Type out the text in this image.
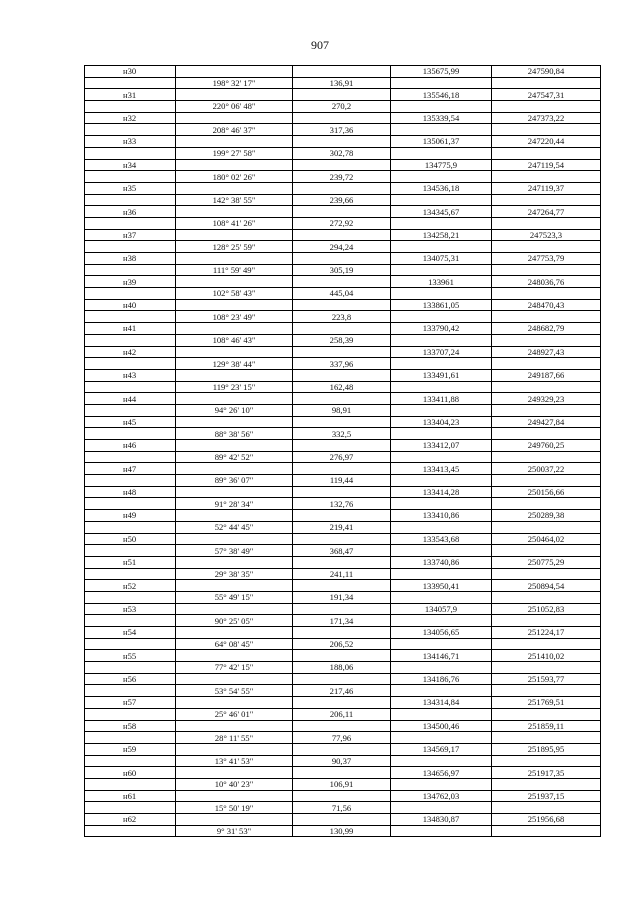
907
н30			135675,99	247590,84
	198° 32' 17"	136,91		
н31			135546,18	247547,31
	220° 06' 48"	270,2		
н32			135339,54	247373,22
	208° 46' 37"	317,36		
н33			135061,37	247220,44
	199° 27' 58"	302,78		
н34			134775,9	247119,54
	180° 02' 26"	239,72		
н35			134536,18	247119,37
	142° 38' 55"	239,66		
н36			134345,67	247264,77
	108° 41' 26"	272,92		
н37			134258,21	247523,3
	128° 25' 59"	294,24		
н38			134075,31	247753,79
	111° 59' 49"	305,19		
н39			133961	248036,76
	102° 58' 43"	445,04		
н40			133861,05	248470,43
	108° 23' 49"	223,8		
н41			133790,42	248682,79
	108° 46' 43"	258,39		
н42			133707,24	248927,43
	129° 38' 44"	337,96		
н43			133491,61	249187,66
	119° 23' 15"	162,48		
н44			133411,88	249329,23
	94° 26' 10"	98,91		
н45			133404,23	249427,84
	88° 38' 56"	332,5		
н46			133412,07	249760,25
	89° 42' 52"	276,97		
н47			133413,45	250037,22
	89° 36' 07"	119,44		
н48			133414,28	250156,66
	91° 28' 34"	132,76		
н49			133410,86	250289,38
	52° 44' 45"	219,41		
н50			133543,68	250464,02
	57° 38' 49"	368,47		
н51			133740,86	250775,29
	29° 38' 35"	241,11		
н52			133950,41	250894,54
	55° 49' 15"	191,34		
н53			134057,9	251052,83
	90° 25' 05"	171,34		
н54			134056,65	251224,17
	64° 08' 45"	206,52		
н55			134146,71	251410,02
	77° 42' 15"	188,06		
н56			134186,76	251593,77
	53° 54' 55"	217,46		
н57			134314,84	251769,51
	25° 46' 01"	206,11		
н58			134500,46	251859,11
	28° 11' 55"	77,96		
н59			134569,17	251895,95
	13° 41' 53"	90,37		
н60			134656,97	251917,35
	10° 40' 23"	106,91		
н61			134762,03	251937,15
	15° 50' 19"	71,56		
н62			134830,87	251956,68
	9° 31' 53"	130,99		
